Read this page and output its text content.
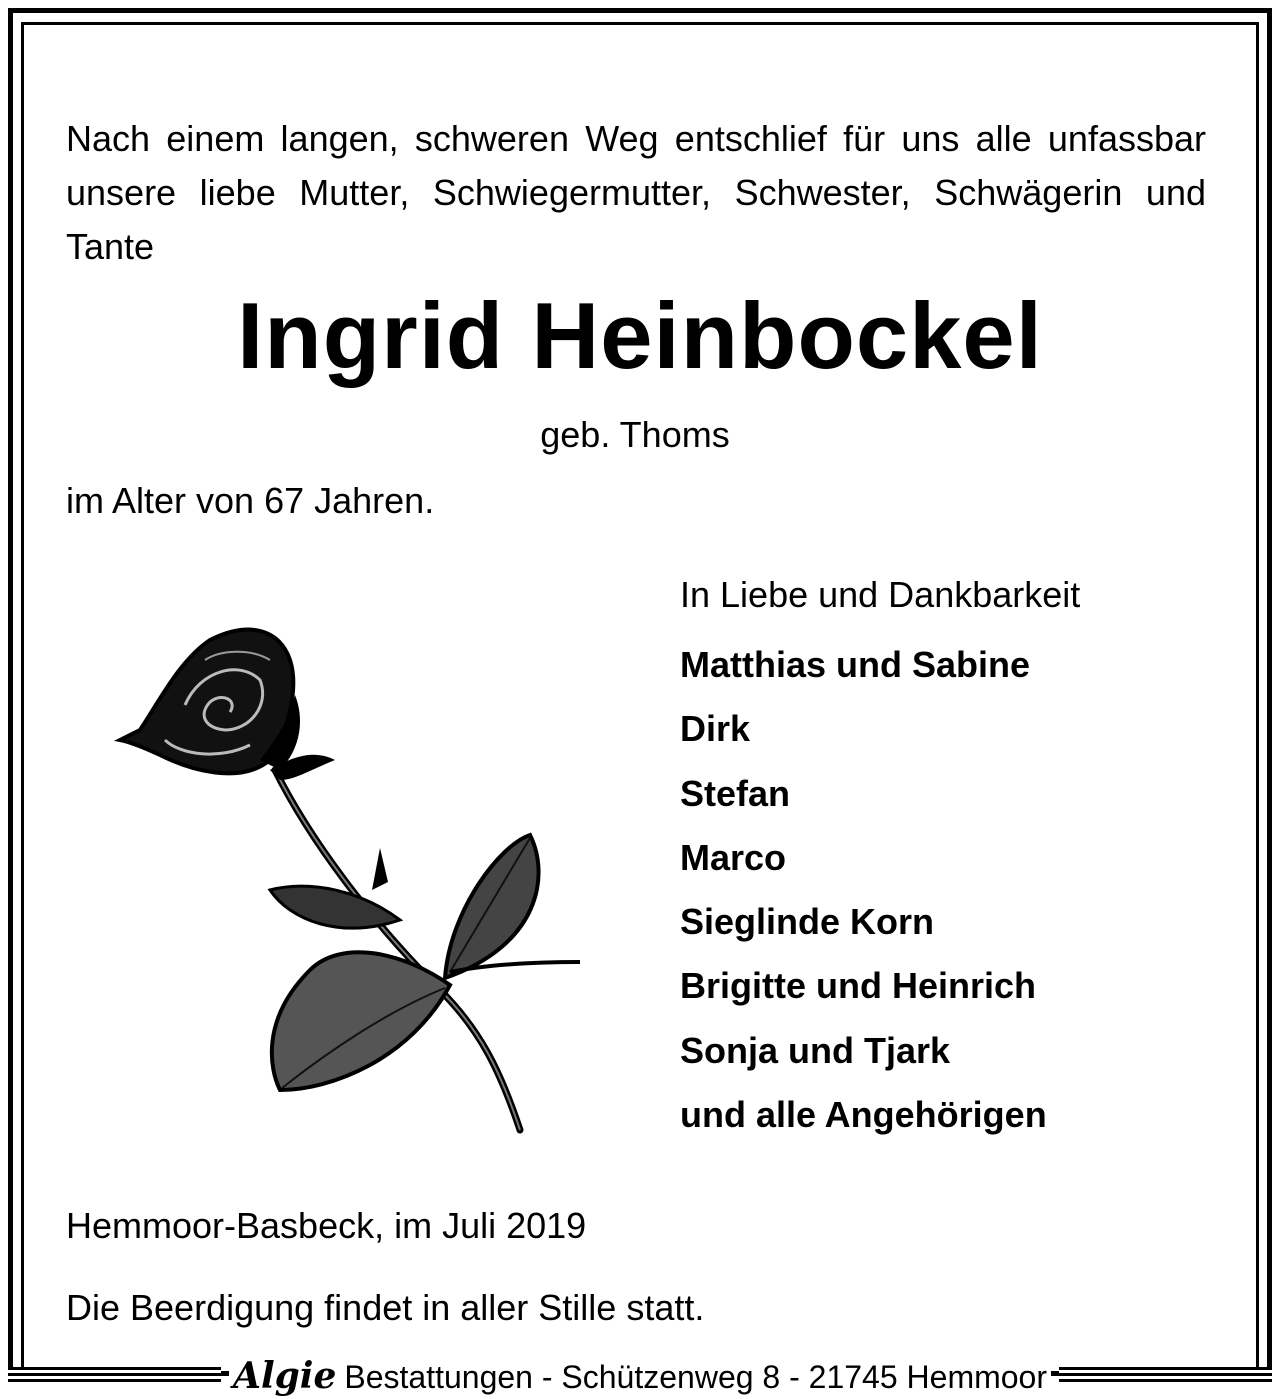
Nach einem langen, schweren Weg entschlief für uns alle unfassbar unsere liebe Mutter, Schwiegermutter, Schwester, Schwägerin und Tante

Ingrid Heinbockel
geb. Thoms
im Alter von 67 Jahren.
In Liebe und Dankbarkeit
Matthias und Sabine
Dirk
Stefan
Marco
Sieglinde Korn
Brigitte und Heinrich
Sonja und Tjark
und alle Angehörigen
Hemmoor-Basbeck, im Juli 2019
Die Beerdigung findet in aller Stille statt.
Algie Bestattungen - Schützenweg 8 - 21745 Hemmoor
